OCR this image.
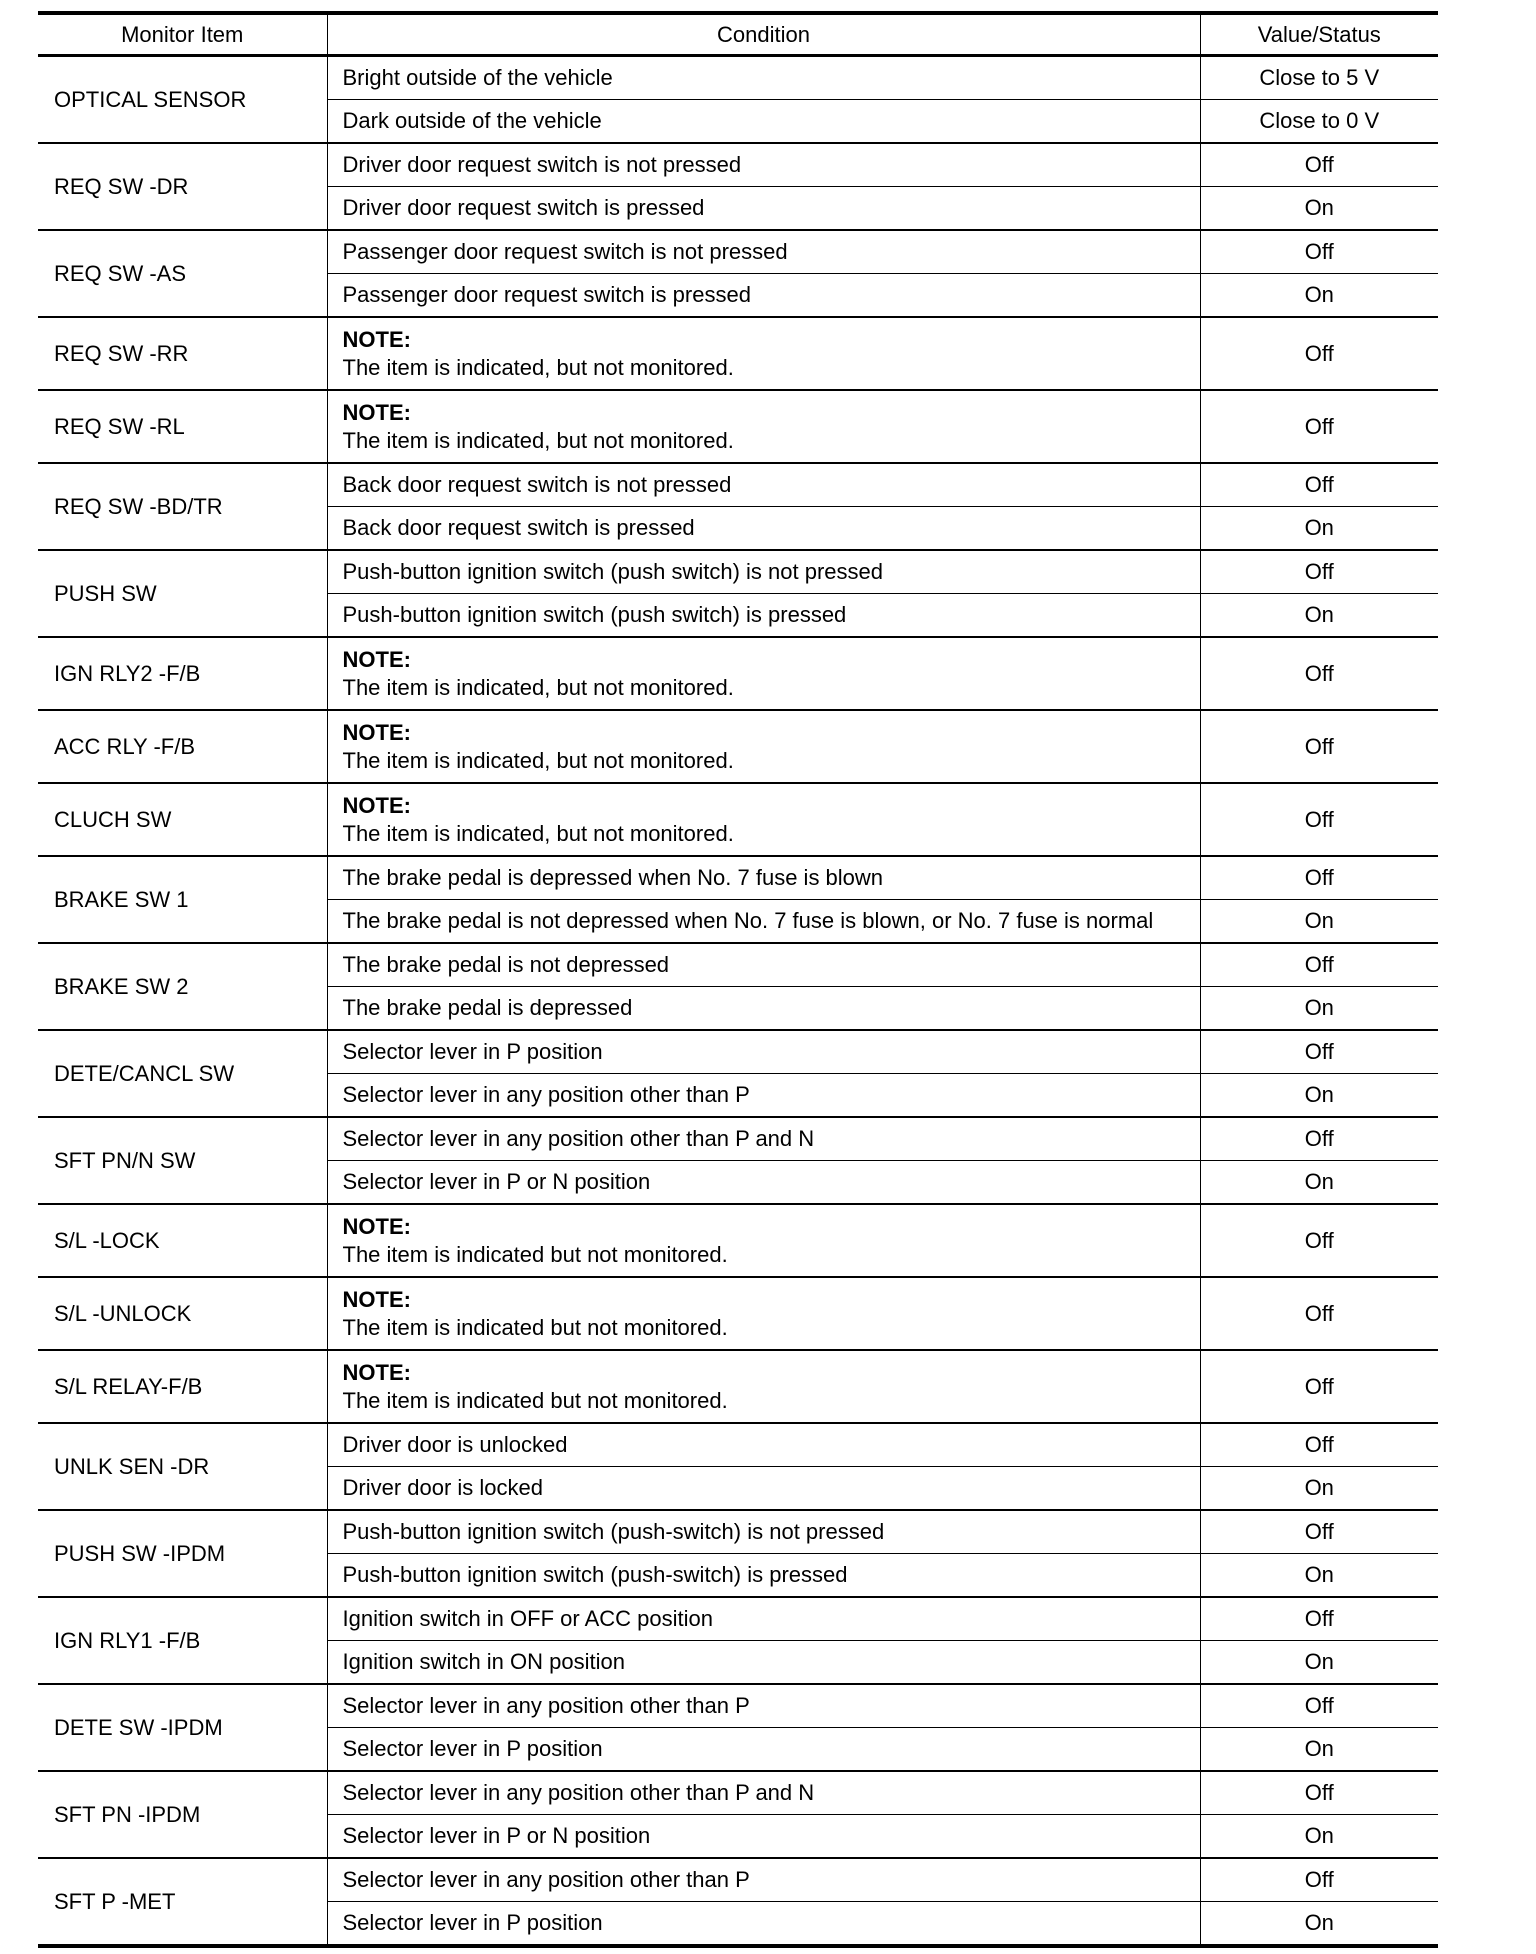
Monitor Item	Condition	Value/Status
OPTICAL SENSOR	Bright outside of the vehicle	Close to 5 V
	Dark outside of the vehicle	Close to 0 V
REQ SW -DR	Driver door request switch is not pressed	Off
	Driver door request switch is pressed	On
REQ SW -AS	Passenger door request switch is not pressed	Off
	Passenger door request switch is pressed	On
REQ SW -RR	NOTE:
The item is indicated, but not monitored.	Off
REQ SW -RL	NOTE:
The item is indicated, but not monitored.	Off
REQ SW -BD/TR	Back door request switch is not pressed	Off
	Back door request switch is pressed	On
PUSH SW	Push-button ignition switch (push switch) is not pressed	Off
	Push-button ignition switch (push switch) is pressed	On
IGN RLY2 -F/B	NOTE:
The item is indicated, but not monitored.	Off
ACC RLY -F/B	NOTE:
The item is indicated, but not monitored.	Off
CLUCH SW	NOTE:
The item is indicated, but not monitored.	Off
BRAKE SW 1	The brake pedal is depressed when No. 7 fuse is blown	Off
	The brake pedal is not depressed when No. 7 fuse is blown, or No. 7 fuse is normal	On
BRAKE SW 2	The brake pedal is not depressed	Off
	The brake pedal is depressed	On
DETE/CANCL SW	Selector lever in P position	Off
	Selector lever in any position other than P	On
SFT PN/N SW	Selector lever in any position other than P and N	Off
	Selector lever in P or N position	On
S/L -LOCK	NOTE:
The item is indicated but not monitored.	Off
S/L -UNLOCK	NOTE:
The item is indicated but not monitored.	Off
S/L RELAY-F/B	NOTE:
The item is indicated but not monitored.	Off
UNLK SEN -DR	Driver door is unlocked	Off
	Driver door is locked	On
PUSH SW -IPDM	Push-button ignition switch (push-switch) is not pressed	Off
	Push-button ignition switch (push-switch) is pressed	On
IGN RLY1 -F/B	Ignition switch in OFF or ACC position	Off
	Ignition switch in ON position	On
DETE SW -IPDM	Selector lever in any position other than P	Off
	Selector lever in P position	On
SFT PN -IPDM	Selector lever in any position other than P and N	Off
	Selector lever in P or N position	On
SFT P -MET	Selector lever in any position other than P	Off
	Selector lever in P position	On
